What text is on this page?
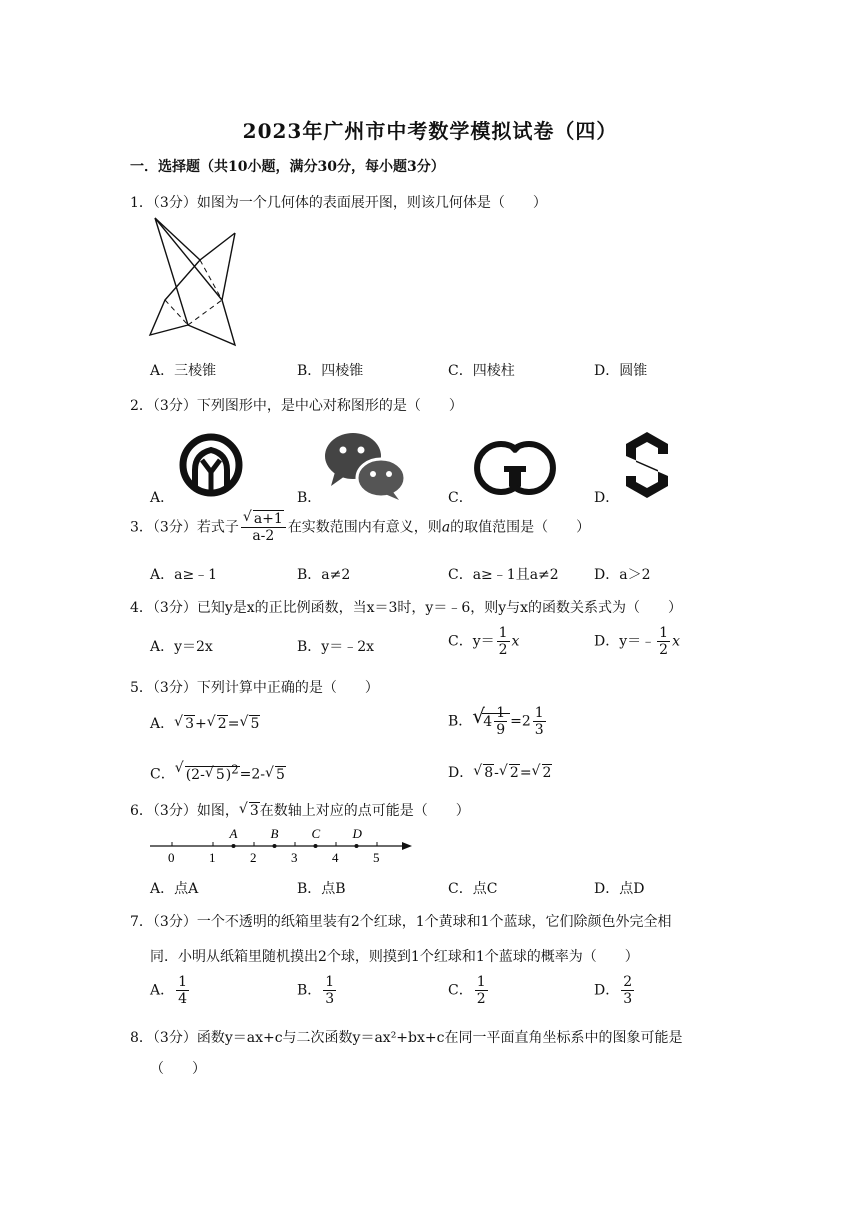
2023年广州市中考数学模拟试卷（四）
一．选择题（共10小题，满分30分，每小题3分）
1．（3分）如图为一个几何体的表面展开图，则该几何体是（　　）
A．三棱锥	B．四棱锥	C．四棱柱	D．圆锥
2．（3分）下列图形中，是中心对称图形的是（　　）
A．	B．	C．	D．
3．（3分）若式子 √ $\frac{a+1}{a-2}$ 在实数范围内有意义，则a的取值范围是（　　）
A．a≥﹣1	B．a≠2	C．a≥﹣1且a≠2	D．a＞2
4．（3分）已知y是x的正比例函数，当x＝3时，y＝﹣6，则y与x的函数关系式为（　　）
A．y＝2x	B．y＝﹣2x	C．$y= \frac{1}{2}$ x	D．y＝﹣ $\frac{1}{2}$ x
5．（3分）下列计算中正确的是（　　）
A． √ 3+ √ 2= √ 5	B． √ $4 \frac{1}{9} =2 \frac{1}{3}$
C． √ (2- √ 5)$^2$=2- √ 5	D． √ 8- √ 2= √ 2
6．（3分）如图， √ 3在数轴上对应的点可能是（　　）
0	1	2	3	4	5
A	B	C D
A．点A	B．点B	C．点C	D．点D
7．（3分）一个不透明的纸箱里装有2个红球，1个黄球和1个蓝球，它们除颜色外完全相
同．小明从纸箱里随机摸出2个球，则摸到1个红球和1个蓝球的概率为（　　）
A． $\frac{1}{4}$	B． $\frac{1}{3}$	C． $\frac{1}{2}$	D． $\frac{2}{3}$
8．（3分）函数y＝ax+c与二次函数y＝ax²+bx+c在同一平面直角坐标系中的图象可能是
（　　）
